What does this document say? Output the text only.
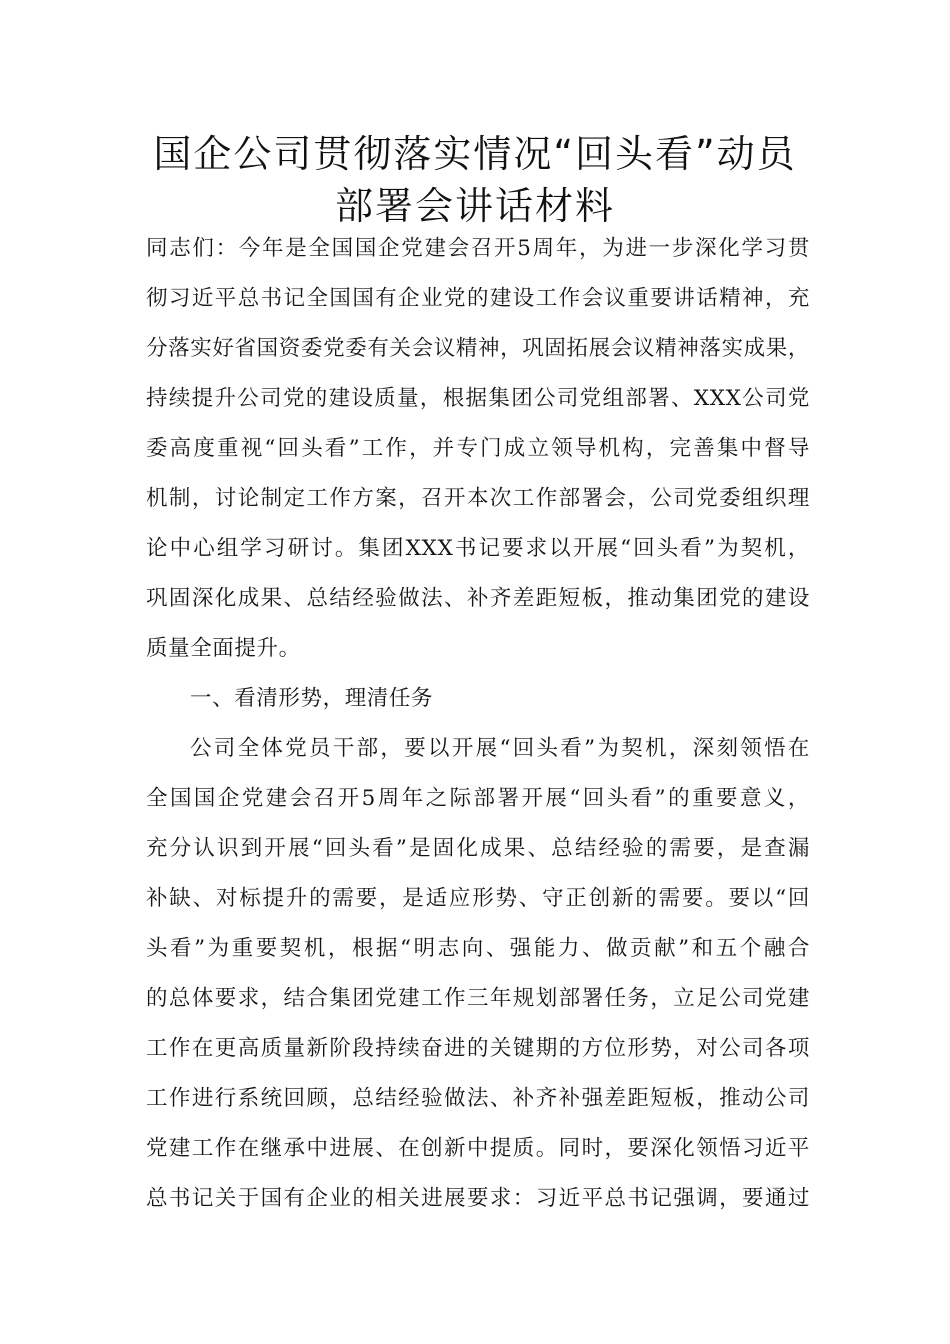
国企公司贯彻落实情况“回头看”动员
部署会讲话材料
同志们：今年是全国国企党建会召开5周年，为进一步深化学习贯
彻习近平总书记全国国有企业党的建设工作会议重要讲话精神，充
分落实好省国资委党委有关会议精神，巩固拓展会议精神落实成果，
持续提升公司党的建设质量，根据集团公司党组部署、XXX公司党
委高度重视“回头看”工作，并专门成立领导机构，完善集中督导
机制，讨论制定工作方案，召开本次工作部署会，公司党委组织理
论中心组学习研讨。集团XXX书记要求以开展“回头看”为契机，
巩固深化成果、总结经验做法、补齐差距短板，推动集团党的建设
质量全面提升。
一、看清形势，理清任务
公司全体党员干部，要以开展“回头看”为契机，深刻领悟在
全国国企党建会召开5周年之际部署开展“回头看”的重要意义，
充分认识到开展“回头看”是固化成果、总结经验的需要，是查漏
补缺、对标提升的需要，是适应形势、守正创新的需要。要以“回
头看”为重要契机，根据“明志向、强能力、做贡献”和五个融合
的总体要求，结合集团党建工作三年规划部署任务，立足公司党建
工作在更高质量新阶段持续奋进的关键期的方位形势，对公司各项
工作进行系统回顾，总结经验做法、补齐补强差距短板，推动公司
党建工作在继承中进展、在创新中提质。同时，要深化领悟习近平
总书记关于国有企业的相关进展要求：习近平总书记强调，要通过
